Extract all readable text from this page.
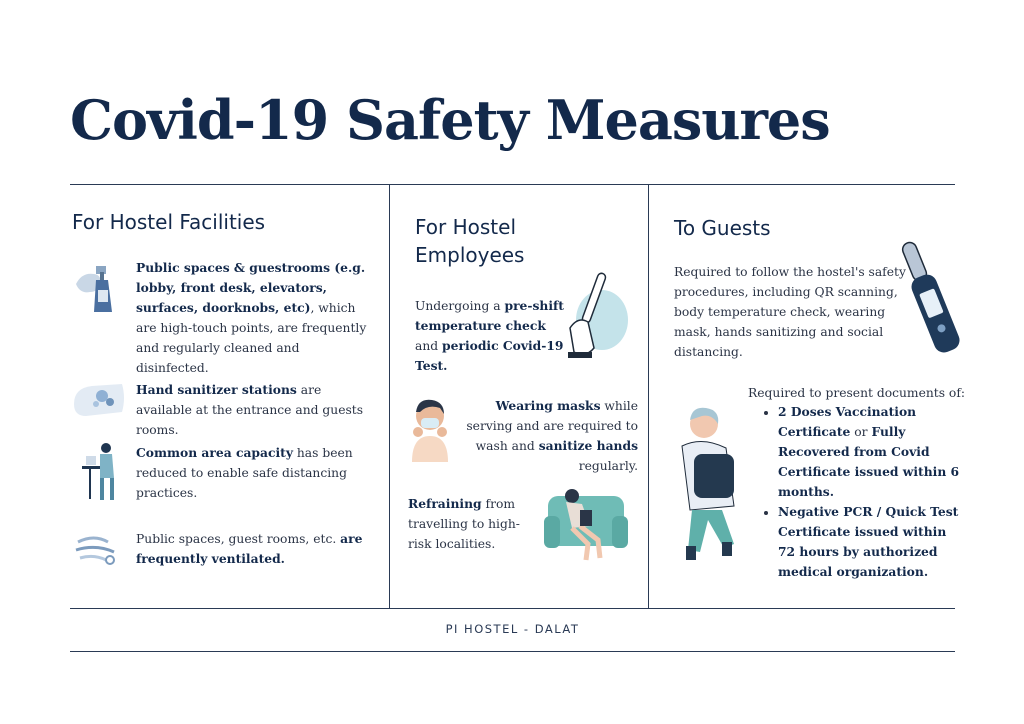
Covid-19 Safety Measures
For Hostel Facilities
Public spaces & guestrooms (e.g. lobby, front desk, elevators, surfaces, doorknobs, etc), which are high-touch points, are frequently and regularly cleaned and disinfected.
Hand sanitizer stations are available at the entrance and guests rooms.
Common area capacity has been reduced to enable safe distancing practices.
Public spaces, guest rooms, etc. are frequently ventilated.
For Hostel
Employees
Undergoing a pre-shift temperature check and periodic Covid-19 Test.
Wearing masks while serving and are required to wash and sanitize hands regularly.
Refraining from travelling to high-risk localities.
To Guests
Required to follow the hostel's safety procedures, including QR scanning, body temperature check, wearing mask, hands sanitizing and social distancing.
Required to present documents of:
• 2 Doses Vaccination Certificate or Fully Recovered from Covid Certificate issued within 6 months.
• Negative PCR / Quick Test Certificate issued within 72 hours by authorized medical organization.
PI HOSTEL - DALAT
